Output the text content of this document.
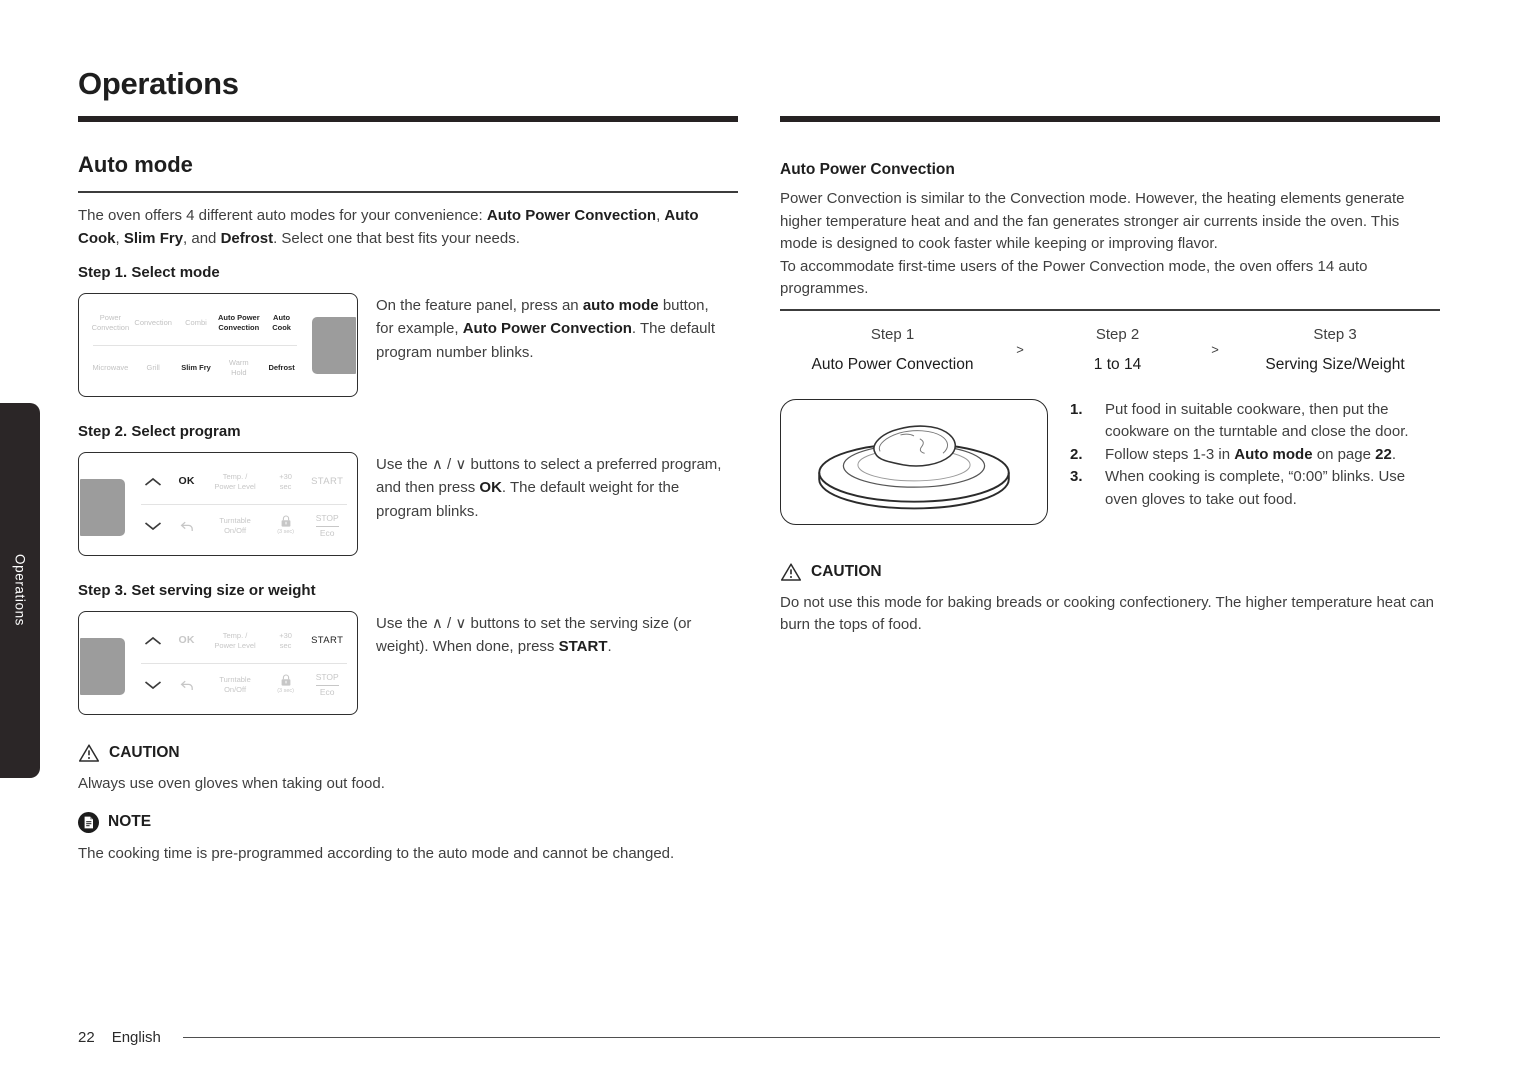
Operations
Operations
Auto mode
The oven offers 4 different auto modes for your convenience: Auto Power Convection, Auto Cook, Slim Fry, and Defrost. Select one that best fits your needs.
Step 1. Select mode
Power
Convection
Convection	Combi
Auto Power
Convection
Auto
Cook
Microwave	Grill	Slim Fry
Warm
Hold
Defrost
On the feature panel, press an auto mode button, for example, Auto Power Convection. The default program number blinks.
Step 2. Select program
OK	Temp. /
Power Level
+30
sec START
Turntable
On/Off	(3 sec)
STOP
Eco
Use the ∧ / ∨ buttons to select a preferred program, and then press OK. The default weight for the program blinks.
Step 3. Set serving size or weight
OK	Temp. /
Power Level
+30
sec START
Turntable
On/Off	(3 sec)
STOP
Eco
Use the ∧ / ∨ buttons to set the serving size (or weight). When done, press START.
CAUTION
Always use oven gloves when taking out food.
NOTE
The cooking time is pre-programmed according to the auto mode and cannot be changed.
Auto Power Convection
Power Convection is similar to the Convection mode. However, the heating elements generate higher temperature heat and and the fan generates stronger air currents inside the oven. This mode is designed to cook faster while keeping or improving flavor.
To accommodate first-time users of the Power Convection mode, the oven offers 14 auto programmes.
Step 1
Auto Power Convection
>
Step 2
1 to 14
>
Step 3
Serving Size/Weight
1.	Put food in suitable cookware, then put the cookware on the turntable and close the door.
2.	Follow steps 1-3 in Auto mode on page 22.
3.	When cooking is complete, “0:00” blinks. Use oven gloves to take out food.
CAUTION
Do not use this mode for baking breads or cooking confectionery. The higher temperature heat can burn the tops of food.
22 English
